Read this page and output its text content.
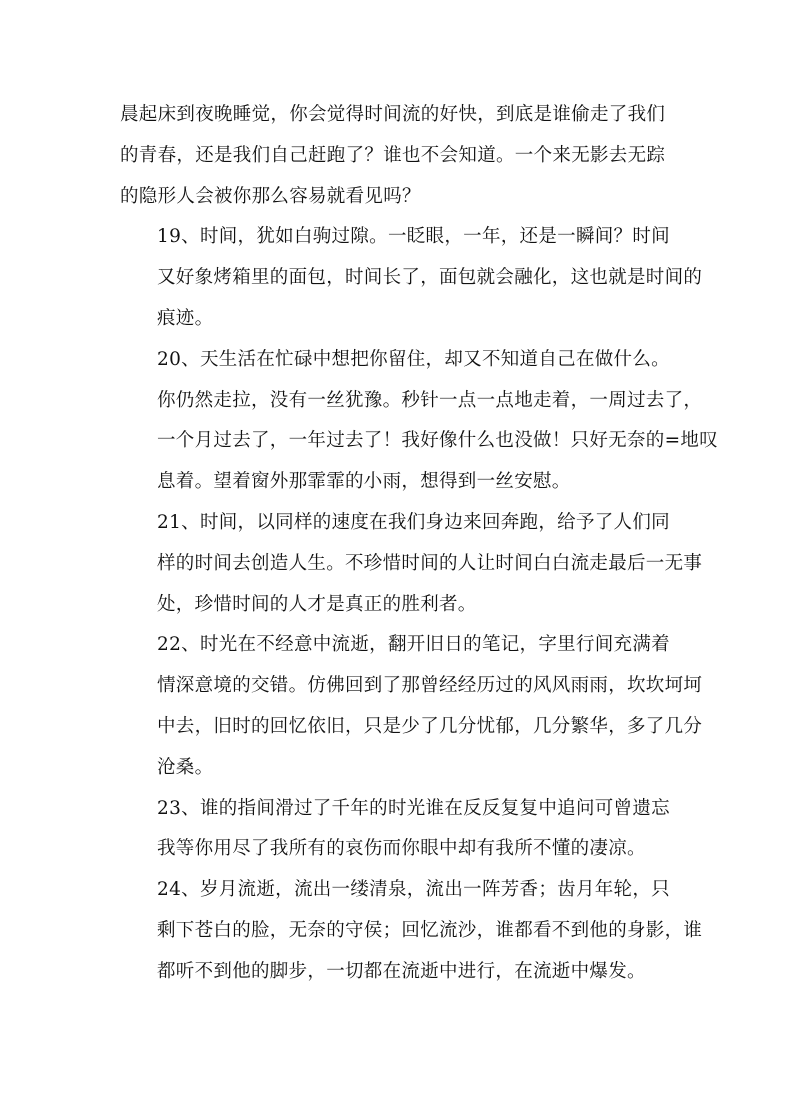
晨起床到夜晚睡觉，你会觉得时间流的好快，到底是谁偷走了我们
的青春，还是我们自己赶跑了？谁也不会知道。一个来无影去无踪
的隐形人会被你那么容易就看见吗？

19、时间，犹如白驹过隙。一眨眼，一年，还是一瞬间？时间
又好象烤箱里的面包，时间长了，面包就会融化，这也就是时间的
痕迹。

20、天生活在忙碌中想把你留住，却又不知道自己在做什么。
你仍然走拉，没有一丝犹豫。秒针一点一点地走着，一周过去了，
一个月过去了，一年过去了！我好像什么也没做！只好无奈的=地叹
息着。望着窗外那霏霏的小雨，想得到一丝安慰。

21、时间，以同样的速度在我们身边来回奔跑，给予了人们同
样的时间去创造人生。不珍惜时间的人让时间白白流走最后一无事
处，珍惜时间的人才是真正的胜利者。

22、时光在不经意中流逝，翻开旧日的笔记，字里行间充满着
情深意境的交错。仿佛回到了那曾经经历过的风风雨雨，坎坎坷坷
中去，旧时的回忆依旧，只是少了几分忧郁，几分繁华，多了几分
沧桑。

23、谁的指间滑过了千年的时光谁在反反复复中追问可曾遗忘
我等你用尽了我所有的哀伤而你眼中却有我所不懂的凄凉。

24、岁月流逝，流出一缕清泉，流出一阵芳香；齿月年轮，只
剩下苍白的脸，无奈的守侯；回忆流沙，谁都看不到他的身影，谁
都听不到他的脚步，一切都在流逝中进行，在流逝中爆发。
